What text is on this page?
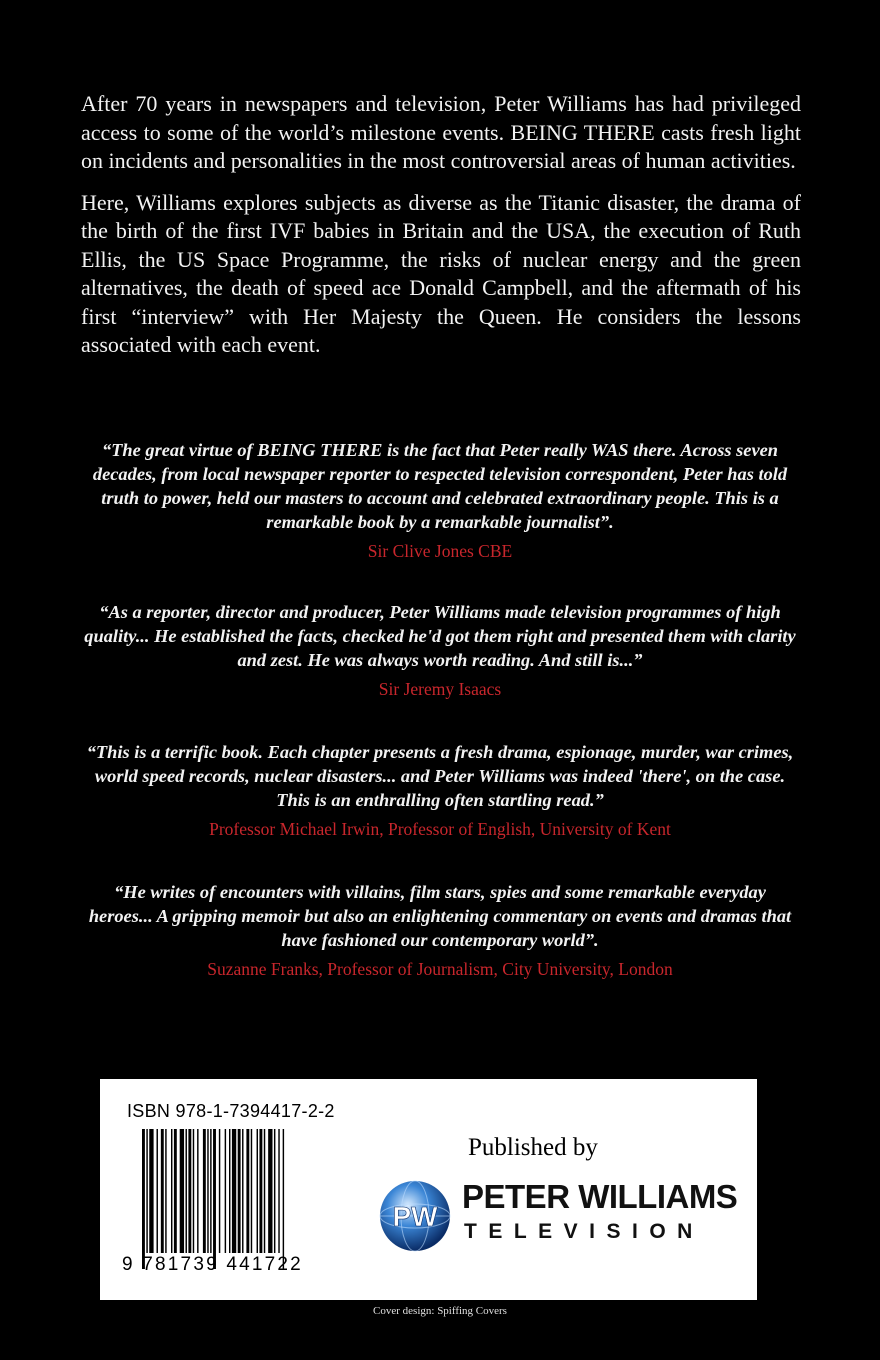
After 70 years in newspapers and television, Peter Williams has had privileged access to some of the world’s milestone events. BEING THERE casts fresh light on incidents and personalities in the most controversial areas of human activities.

Here, Williams explores subjects as diverse as the Titanic disaster, the drama of the birth of the first IVF babies in Britain and the USA, the execution of Ruth Ellis, the US Space Programme, the risks of nuclear energy and the green alternatives, the death of speed ace Donald Campbell, and the aftermath of his first “interview” with Her Majesty the Queen. He considers the lessons associated with each event.

“The great virtue of BEING THERE is the fact that Peter really WAS there. Across seven decades, from local newspaper reporter to respected television correspondent, Peter has told truth to power, held our masters to account and celebrated extraordinary people. This is a remarkable book by a remarkable journalist”.

Sir Clive Jones CBE

“As a reporter, director and producer, Peter Williams made television programmes of high quality... He established the facts, checked he'd got them right and presented them with clarity and zest. He was always worth reading. And still is...”

Sir Jeremy Isaacs

“This is a terrific book. Each chapter presents a fresh drama, espionage, murder, war crimes, world speed records, nuclear disasters... and Peter Williams was indeed 'there', on the case. This is an enthralling often startling read.”

Professor Michael Irwin, Professor of English, University of Kent

“He writes of encounters with villains, film stars, spies and some remarkable everyday heroes... A gripping memoir but also an enlightening commentary on events and dramas that have fashioned our contemporary world”.

Suzanne Franks, Professor of Journalism, City University, London

ISBN 978-1-7394417-2-2
9 781739 441722
Published by
PW
PETER WILLIAMS
TELEVISION
Cover design: Spiffing Covers
